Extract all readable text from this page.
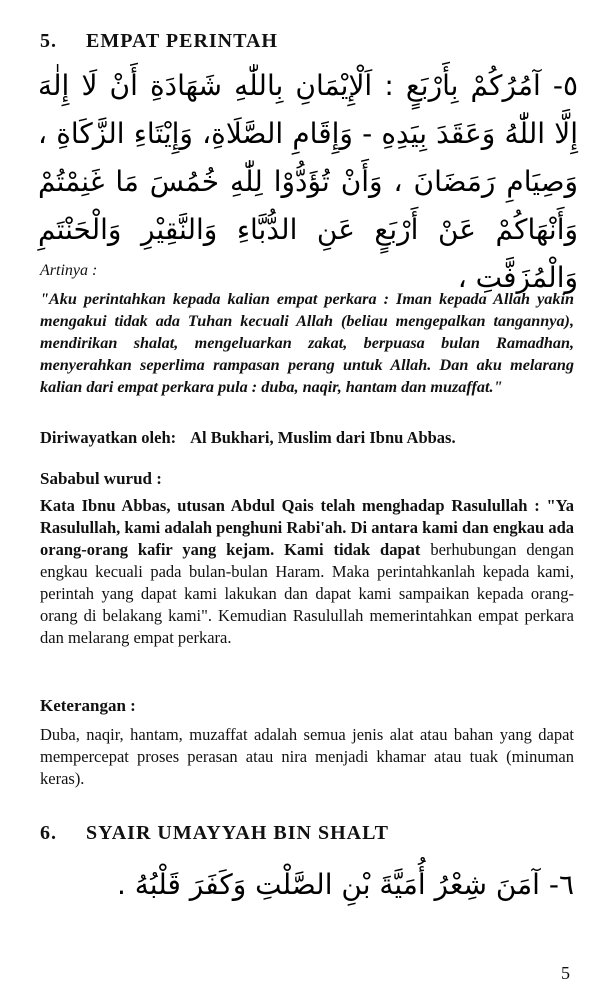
5. EMPAT PERINTAH
٥- آمُرُكُمْ بِأَرْبَعٍ : اَلْإِيْمَانِ بِاللّٰهِ شَهَادَةِ أَنْ لَا إِلٰهَ إِلَّا اللّٰهُ وَعَقَدَ بِيَدِهِ - وَإِقَامِ الصَّلَاةِ، وَإِيْتَاءِ الزَّكَاةِ ، وَصِيَامِ رَمَضَانَ ، وَأَنْ تُؤَدُّوْا لِلّٰهِ خُمُسَ مَا غَنِمْتُمْ وَأَنْهَاكُمْ عَنْ أَرْبَعٍ عَنِ الدُّبَّاءِ وَالنَّقِيْرِ وَالْحَنْتَمِ وَالْمُزَفَّتِ ،
Artinya :
"Aku perintahkan kepada kalian empat perkara : Iman kepada Allah yakin mengakui tidak ada Tuhan kecuali Allah (beliau mengepalkan tangannya), mendirikan shalat, mengeluarkan zakat, berpuasa bulan Ramadhan, menyerahkan seperlima rampasan perang untuk Allah. Dan aku melarang kalian dari empat perkara pula : duba, naqir, hantam dan muzaffat."
Diriwayatkan oleh: Al Bukhari, Muslim dari Ibnu Abbas.
Sababul wurud :
Kata Ibnu Abbas, utusan Abdul Qais telah menghadap Rasulullah : "Ya Rasulullah, kami adalah penghuni Rabi'ah. Di antara kami dan engkau ada orang-orang kafir yang kejam. Kami tidak dapat berhubungan dengan engkau kecuali pada bulan-bulan Haram. Maka perintahkanlah kepada kami, perintah yang dapat kami lakukan dan dapat kami sampaikan kepada orang-orang di belakang kami". Kemudian Rasulullah memerintahkan empat perkara dan melarang empat perkara.
Keterangan :
Duba, naqir, hantam, muzaffat adalah semua jenis alat atau bahan yang dapat mempercepat proses perasan atau nira menjadi khamar atau tuak (minuman keras).
6. SYAIR UMAYYAH BIN SHALT
٦- آمَنَ شِعْرُ أُمَيَّةَ بْنِ الصَّلْتِ وَكَفَرَ قَلْبُهُ .
5
